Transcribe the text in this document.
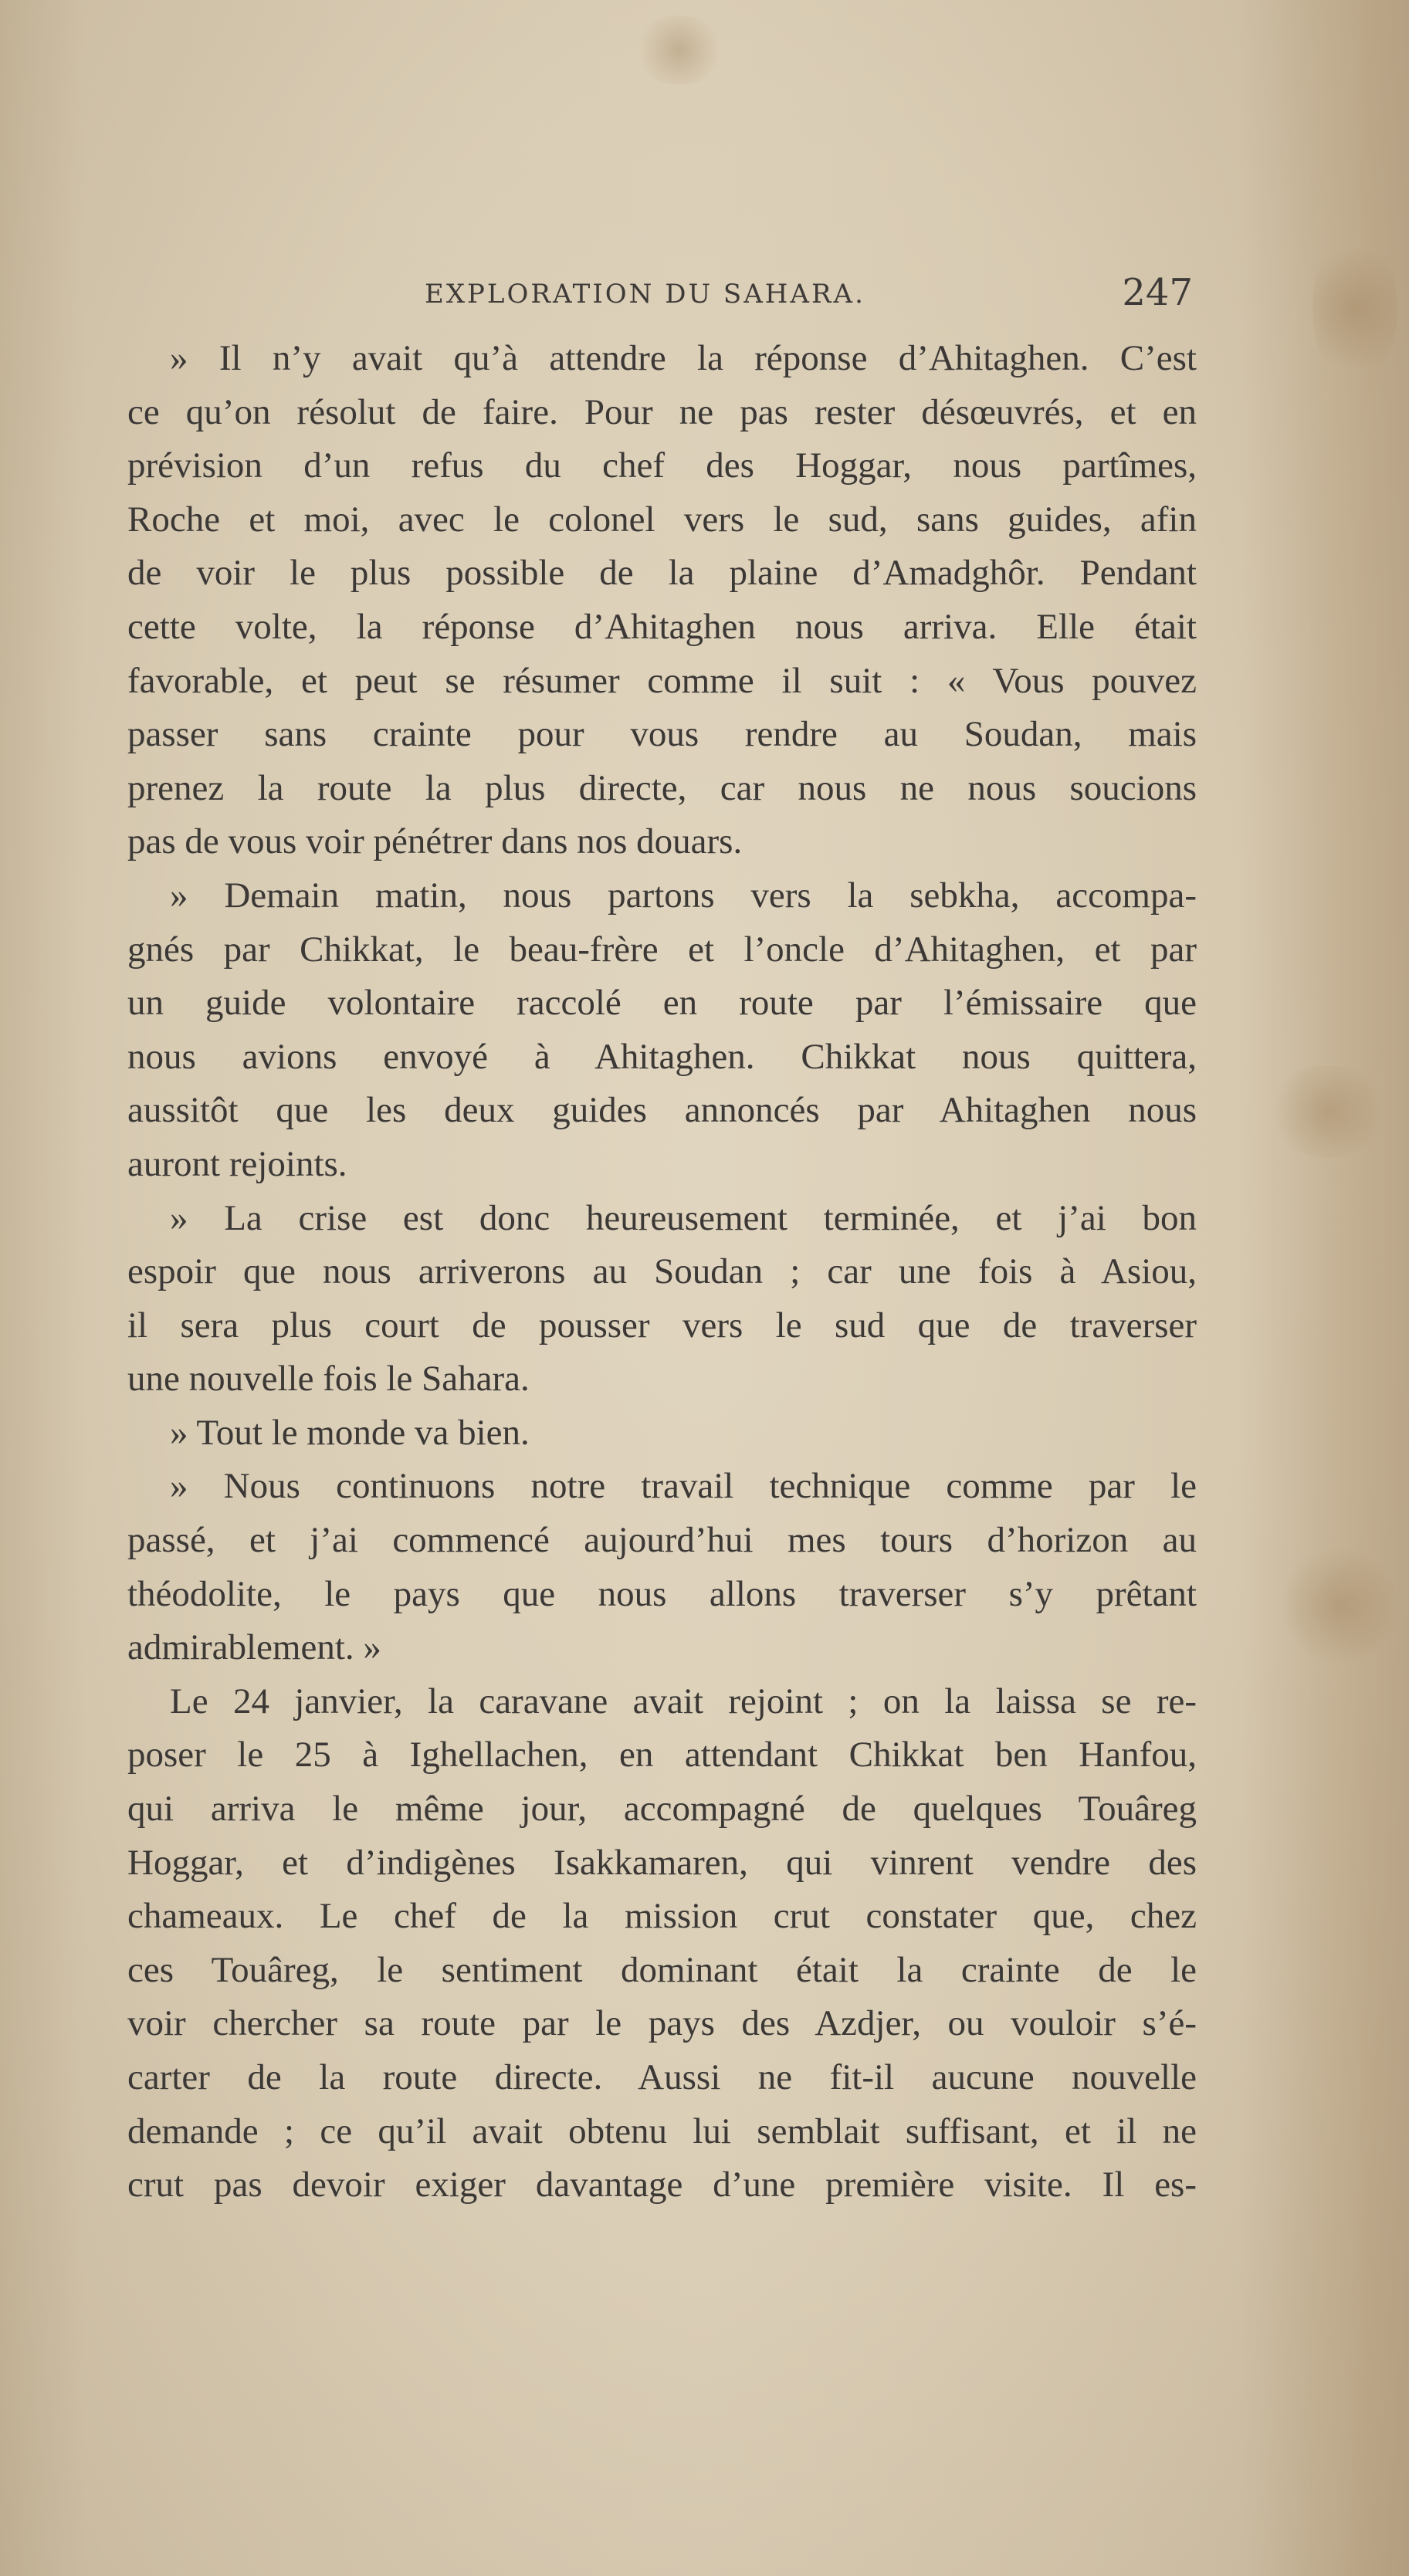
EXPLORATION DU SAHARA.	247
» Il n’y avait qu’à attendre la réponse d’Ahitaghen. C’est
ce qu’on résolut de faire. Pour ne pas rester désœuvrés, et en
prévision d’un refus du chef des Hoggar, nous partîmes,
Roche et moi, avec le colonel vers le sud, sans guides, afin
de voir le plus possible de la plaine d’Amadghôr. Pendant
cette volte, la réponse d’Ahitaghen nous arriva. Elle était
favorable, et peut se résumer comme il suit : « Vous pouvez
passer sans crainte pour vous rendre au Soudan, mais
prenez la route la plus directe, car nous ne nous soucions
pas de vous voir pénétrer dans nos douars.
» Demain matin, nous partons vers la sebkha, accompa-
gnés par Chikkat, le beau-frère et l’oncle d’Ahitaghen, et par
un guide volontaire raccolé en route par l’émissaire que
nous avions envoyé à Ahitaghen. Chikkat nous quittera,
aussitôt que les deux guides annoncés par Ahitaghen nous
auront rejoints.
» La crise est donc heureusement terminée, et j’ai bon
espoir que nous arriverons au Soudan ; car une fois à Asiou,
il sera plus court de pousser vers le sud que de traverser
une nouvelle fois le Sahara.
» Tout le monde va bien.
» Nous continuons notre travail technique comme par le
passé, et j’ai commencé aujourd’hui mes tours d’horizon au
théodolite, le pays que nous allons traverser s’y prêtant
admirablement. »
Le 24 janvier, la caravane avait rejoint ; on la laissa se re-
poser le 25 à Ighellachen, en attendant Chikkat ben Hanfou,
qui arriva le même jour, accompagné de quelques Touâreg
Hoggar, et d’indigènes Isakkamaren, qui vinrent vendre des
chameaux. Le chef de la mission crut constater que, chez
ces Touâreg, le sentiment dominant était la crainte de le
voir chercher sa route par le pays des Azdjer, ou vouloir s’é-
carter de la route directe. Aussi ne fit-il aucune nouvelle
demande ; ce qu’il avait obtenu lui semblait suffisant, et il ne
crut pas devoir exiger davantage d’une première visite. Il es-
